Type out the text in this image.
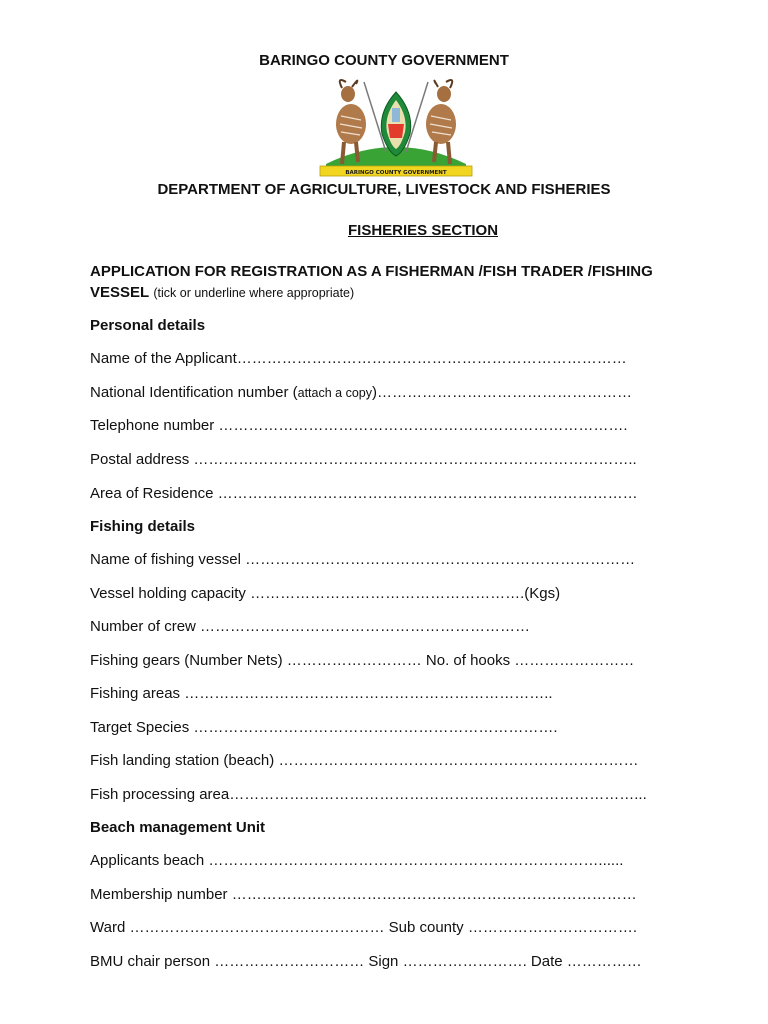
BARINGO COUNTY GOVERNMENT
BARINGO COUNTY GOVERNMENT
DEPARTMENT OF AGRICULTURE, LIVESTOCK AND FISHERIES
FISHERIES SECTION
APPLICATION FOR REGISTRATION AS A FISHERMAN /FISH TRADER /FISHING
VESSEL (tick or underline where appropriate)
Personal details
Name of the Applicant……………………………………………………………………
National Identification number (attach a copy)……………………………………………
Telephone number ……………………………………………………………………….
Postal address ……………………………………………………………………………..
Area of Residence …………………………………………………………………………
Fishing details
Name of fishing vessel ……………………………………………………………………
Vessel holding capacity ……………………………………………….(Kgs)
Number of crew …………………………………………………………
Fishing gears (Number Nets) ……………………… No. of hooks ……………………
Fishing areas ………………………………………………………………..
Target Species ……………………………………………………………….
Fish landing station (beach) ………………………………………………………………
Fish processing area………………………………………………………………………...
Beach management Unit
Applicants beach ……………………………………………………………………......
Membership number ………………………………………………………………………
Ward …………………………………………… Sub county …………………………….
BMU chair person ………………………… Sign ……………………. Date ……………
